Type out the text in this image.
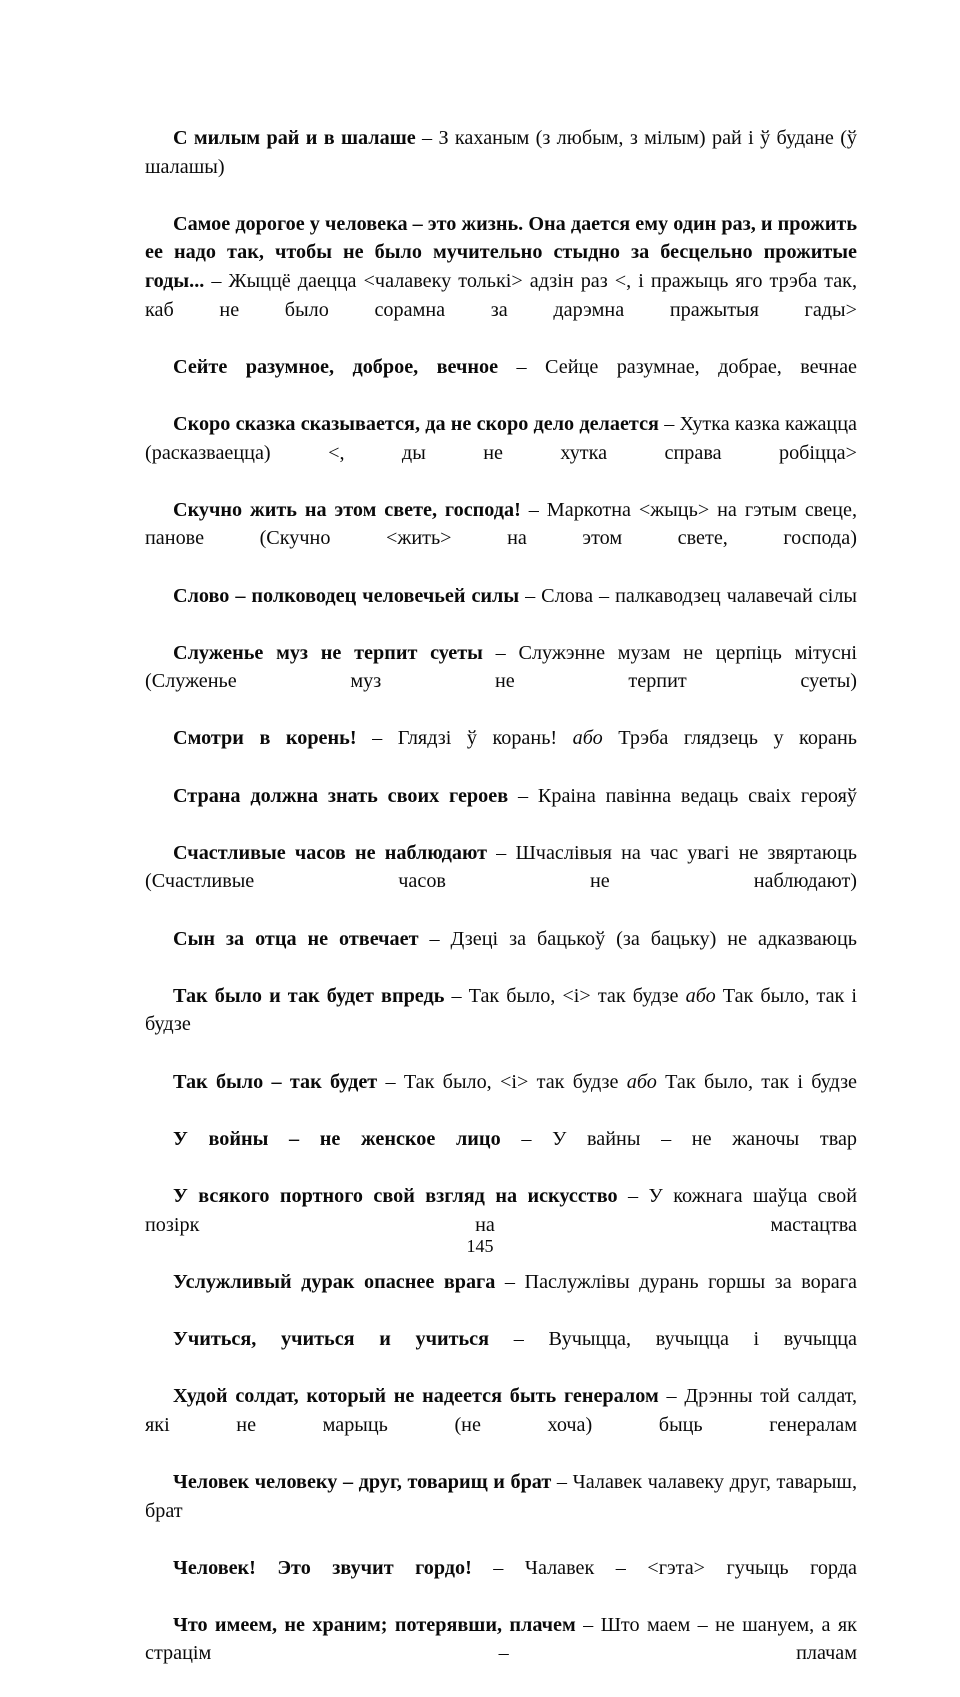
С милым рай и в шалаше – З каханым (з любым, з мілым) рай і ў будане (ў шалашы)

Самое дорогое у человека – это жизнь. Она дается ему один раз, и прожить ее надо так, чтобы не было мучительно стыдно за бесцельно прожитые годы... – Жыццё даецца <чалавеку толькі> адзін раз <, і пражыць яго трэба так, каб не было сорамна за дарэмна пражытыя гады>

Сейте разумное, доброе, вечное – Сейце разумнае, добрае, вечнае

Скоро сказка сказывается, да не скоро дело делается – Хутка казка кажацца (расказваецца) <, ды не хутка справа робіцца>

Скучно жить на этом свете, господа! – Маркотна <жыць> на гэтым свеце, панове (Скучно <жить> на этом свете, господа)

Слово – полководец человечьей силы – Слова – палкаводзец чалавечай сілы

Служенье муз не терпит суеты – Служэнне музам не церпіць мітусні (Служенье муз не терпит суеты)

Смотри в корень! – Глядзі ў корань! або Трэба глядзець у корань

Страна должна знать своих героев – Краіна павінна ведаць сваіх герояў

Счастливые часов не наблюдают – Шчаслівыя на час увагі не звяртаюць (Счастливые часов не наблюдают)

Сын за отца не отвечает – Дзеці за бацькоў (за бацьку) не адказваюць

Так было и так будет впредь – Так было, <і> так будзе або Так было, так і будзе

Так было – так будет – Так было, <і> так будзе або Так было, так і будзе

У войны – не женское лицо – У вайны – не жаночы твар

У всякого портного свой взгляд на искусство – У кожнага шаўца свой позірк на мастацтва

Услужливый дурак опаснее врага – Паслужлівы дурань горшы за ворага

Учиться, учиться и учиться – Вучыцца, вучыцца і вучыцца

Худой солдат, который не надеется быть генералом – Дрэнны той салдат, які не марыць (не хоча) быць генералам

Человек человеку – друг, товарищ и брат – Чалавек чалавеку друг, таварыш, брат

Человек! Это звучит гордо! – Чалавек – <гэта> гучыць горда

Что имеем, не храним; потерявши, плачем – Што маем – не шануем, а як страцім – плачам

145
